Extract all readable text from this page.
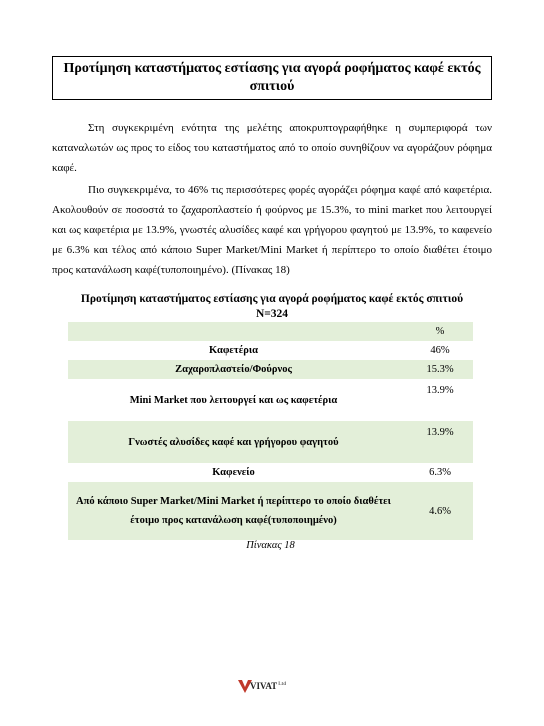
Προτίμηση καταστήματος εστίασης για αγορά ροφήματος καφέ εκτός σπιτιού

Στη συγκεκριμένη ενότητα της μελέτης αποκρυπτογραφήθηκε η συμπεριφορά των καταναλωτών ως προς το είδος του καταστήματος από το οποίο συνηθίζουν να αγοράζουν ρόφημα καφέ.

Πιο συγκεκριμένα, το 46% τις περισσότερες φορές αγοράζει ρόφημα καφέ από καφετέρια. Ακολουθούν σε ποσοστά το ζαχαροπλαστείο ή φούρνος με 15.3%, το mini market που λειτουργεί και ως καφετέρια με 13.9%, γνωστές αλυσίδες καφέ και γρήγορου φαγητού με 13.9%, το καφενείο με 6.3% και τέλος από κάποιο Super Market/Mini Market ή περίπτερο το οποίο διαθέτει έτοιμο προς κατανάλωση καφέ(τυποποιημένο). (Πίνακας 18)

Προτίμηση καταστήματος εστίασης για αγορά ροφήματος καφέ εκτός σπιτιού
N=324
	%
Καφετέρια	46%
Ζαχαροπλαστείο/Φούρνος	15.3%
Mini Market που λειτουργεί και ως καφετέρια	13.9%
Γνωστές αλυσίδες καφέ και γρήγορου φαγητού	13.9%
Καφενείο	6.3%
Από κάποιο Super Market/Mini Market ή περίπτερο το οποίο διαθέτει έτοιμο προς κατανάλωση καφέ(τυποποιημένο)	4.6%
Πίνακας 18
$VIVAT^{Ltd}$
